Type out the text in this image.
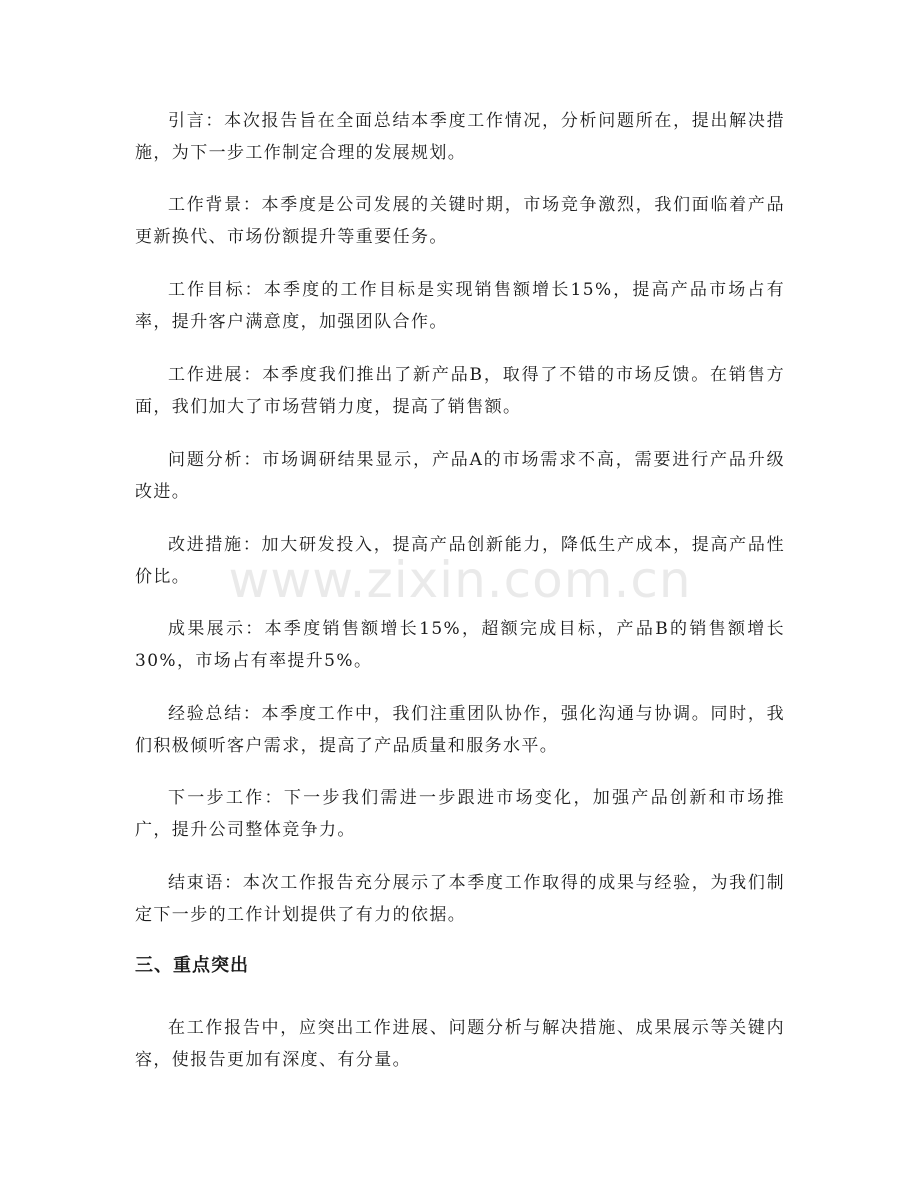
www.zixin.com.cn

引言：本次报告旨在全面总结本季度工作情况，分析问题所在，提出解决措施，为下一步工作制定合理的发展规划。

工作背景：本季度是公司发展的关键时期，市场竞争激烈，我们面临着产品更新换代、市场份额提升等重要任务。

工作目标：本季度的工作目标是实现销售额增长15%，提高产品市场占有率，提升客户满意度，加强团队合作。

工作进展：本季度我们推出了新产品B，取得了不错的市场反馈。在销售方面，我们加大了市场营销力度，提高了销售额。

问题分析：市场调研结果显示，产品A的市场需求不高，需要进行产品升级改进。

改进措施：加大研发投入，提高产品创新能力，降低生产成本，提高产品性价比。

成果展示：本季度销售额增长15%，超额完成目标，产品B的销售额增长30%，市场占有率提升5%。

经验总结：本季度工作中，我们注重团队协作，强化沟通与协调。同时，我们积极倾听客户需求，提高了产品质量和服务水平。

下一步工作：下一步我们需进一步跟进市场变化，加强产品创新和市场推广，提升公司整体竞争力。

结束语：本次工作报告充分展示了本季度工作取得的成果与经验，为我们制定下一步的工作计划提供了有力的依据。

三、重点突出

在工作报告中，应突出工作进展、问题分析与解决措施、成果展示等关键内容，使报告更加有深度、有分量。
